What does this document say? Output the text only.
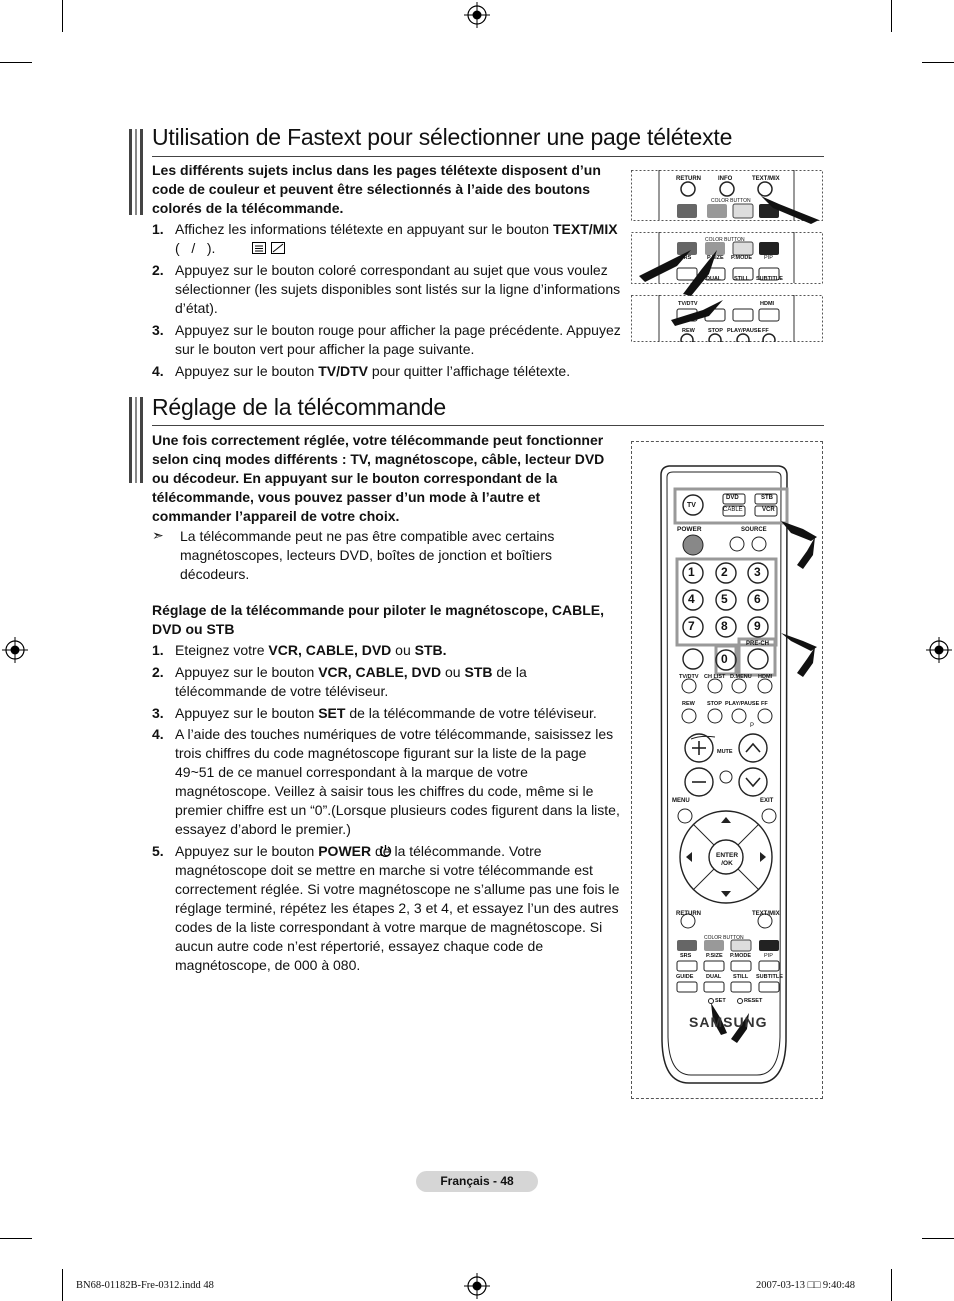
Utilisation de Fastext pour sélectionner une page télétexte
Les différents sujets inclus dans les pages télétexte disposent d’un code de couleur et peuvent être sélectionnés à l’aide des boutons colorés de la télécommande.
1. Affichez les informations télétexte en appuyant sur le bouton TEXT/MIX (   /   ).
2. Appuyez sur le bouton coloré correspondant au sujet que vous voulez sélectionner (les sujets disponibles sont listés sur la ligne d’informations d’état).
3. Appuyez sur le bouton rouge pour afficher la page précédente. Appuyez sur le bouton vert pour afficher la page suivante.
4. Appuyez sur le bouton TV/DTV pour quitter l’affichage télétexte.
RETURN	INFO	TEXT/MIX
COLOR BUTTON
COLOR BUTTON
SRS	P.SIZE P.MODE PIP
DUAL STILL SUBTITLE
TV/DTV	HDMI
REW STOP PLAY/PAUSE FF
Réglage de la télécommande
Une fois correctement réglée, votre télécommande peut fonctionner selon cinq modes différents : TV, magnétoscope, câble, lecteur DVD ou décodeur. En appuyant sur le bouton correspondant de la télécommande, vous pouvez passer d’un mode à l’autre et commander l’appareil de votre choix.
➣ La télécommande peut ne pas être compatible avec certains magnétoscopes, lecteurs DVD, boîtes de jonction et boîtiers décodeurs.
Réglage de la télécommande pour piloter le magnétoscope, CABLE, DVD ou STB
1. Eteignez votre VCR, CABLE, DVD ou STB.
2. Appuyez sur le bouton VCR, CABLE, DVD ou STB de la télécommande de votre téléviseur.
3. Appuyez sur le bouton SET de la télécommande de votre téléviseur.
4. A l’aide des touches numériques de votre télécommande, saisissez les trois chiffres du code magnétoscope figurant sur la liste de la page 49~51 de ce manuel correspondant à la marque de votre magnétoscope. Veillez à saisir tous les chiffres du code, même si le premier chiffre est un “0”.(Lorsque plusieurs codes figurent dans la liste, essayez d’abord le premier.)
5. Appuyez sur le bouton POWER de la télécommande. Votre magnétoscope doit se mettre en marche si votre télécommande est correctement réglée. Si votre magnétoscope ne s’allume pas une fois le réglage terminé, répétez les étapes 2, 3 et 4, et essayez l’un des autres codes de la liste correspondant à votre marque de magnétoscope. Si aucun autre code n’est répertorié, essayez chaque code de magnétoscope, de 000 à 080.
TV
DVD	STB
CABLE	VCR
POWER	SOURCE
1 2 3
4 5 6
7 8 9
0
PRE-CH
TV/DTV CH LIST D.MENU HDMI
REW STOP PLAY/PAUSE FF
MUTE
P
MENU	EXIT
ENTER /OK
RETURN	TEXT/MIX
COLOR BUTTON
SRS	P.SIZE P.MODE PIP
GUIDE DUAL STILL SUBTITLE
SET	RESET
SAMSUNG
Français - 48
BN68-01182B-Fre-0312.indd 48	2007-03-13 □□ 9:40:48
